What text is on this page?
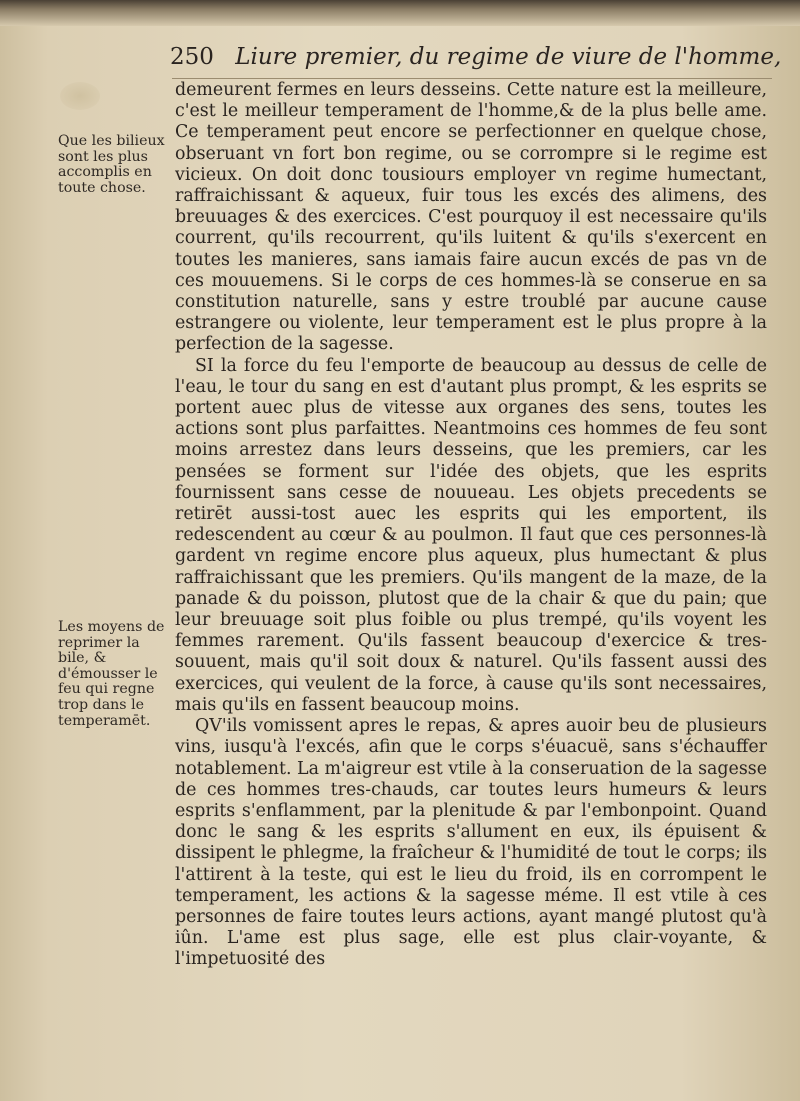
250 Liure premier, du regime de viure de l'homme,
Que les bilieux sont les plus accomplis en toute chose.
Les moyens de reprimer la bile, & d'émousser le feu qui regne trop dans le temperamēt.

demeurent fermes en leurs desseins. Cette nature est la meilleure, c'est le meilleur temperament de l'homme,& de la plus belle ame. Ce temperament peut encore se perfectionner en quelque chose, obseruant vn fort bon regime, ou se corrompre si le regime est vicieux. On doit donc tousiours employer vn regime humectant, raffraichissant & aqueux, fuir tous les excés des alimens, des breuuages & des exercices. C'est pourquoy il est necessaire qu'ils courrent, qu'ils recourrent, qu'ils luitent & qu'ils s'exercent en toutes les manieres, sans iamais faire aucun excés de pas vn de ces mouuemens. Si le corps de ces hommes-là se conserue en sa constitution naturelle, sans y estre troublé par aucune cause estrangere ou violente, leur temperament est le plus propre à la perfection de la sagesse.

SI la force du feu l'emporte de beaucoup au dessus de celle de l'eau, le tour du sang en est d'autant plus prompt, & les esprits se portent auec plus de vitesse aux organes des sens, toutes les actions sont plus parfaittes. Neantmoins ces hommes de feu sont moins arrestez dans leurs desseins, que les premiers, car les pensées se forment sur l'idée des objets, que les esprits fournissent sans cesse de nouueau. Les objets precedents se retirēt aussi-tost auec les esprits qui les emportent, ils redescendent au cœur & au poulmon. Il faut que ces personnes-là gardent vn regime encore plus aqueux, plus humectant & plus raffraichissant que les premiers. Qu'ils mangent de la maze, de la panade & du poisson, plutost que de la chair & que du pain; que leur breuuage soit plus foible ou plus trempé, qu'ils voyent les femmes rarement. Qu'ils fassent beaucoup d'exercice & tres-souuent, mais qu'il soit doux & naturel. Qu'ils fassent aussi des exercices, qui veulent de la force, à cause qu'ils sont necessaires, mais qu'ils en fassent beaucoup moins.

QV'ils vomissent apres le repas, & apres auoir beu de plusieurs vins, iusqu'à l'excés, afin que le corps s'éuacuë, sans s'échauffer notablement. La m'aigreur est vtile à la conseruation de la sagesse de ces hommes tres-chauds, car toutes leurs humeurs & leurs esprits s'enflamment, par la plenitude & par l'embonpoint. Quand donc le sang & les esprits s'allument en eux, ils épuisent & dissipent le phlegme, la fraîcheur & l'humidité de tout le corps; ils l'attirent à la teste, qui est le lieu du froid, ils en corrompent le temperament, les actions & la sagesse méme. Il est vtile à ces personnes de faire toutes leurs actions, ayant mangé plutost qu'à iûn. L'ame est plus sage, elle est plus clair-voyante, & l'impetuosité des
